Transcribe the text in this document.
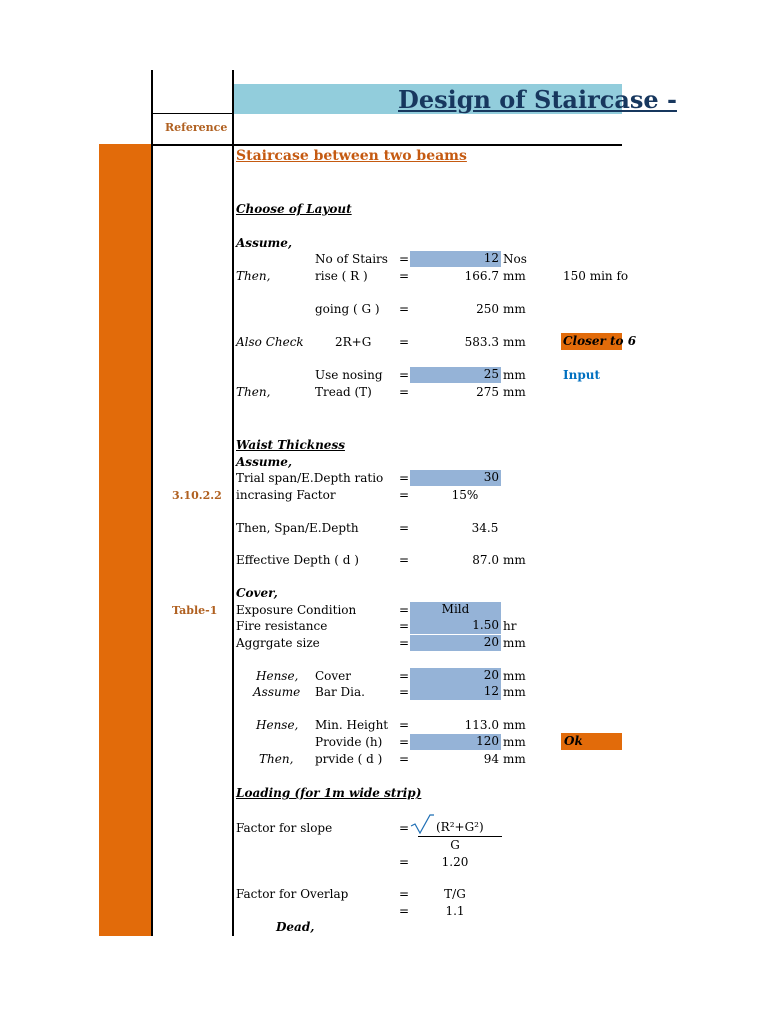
Design of Staircase -
Reference
Staircase between two beams
Choose of Layout
Assume,
No of Stairs =	12 Nos
Then,	rise ( R )	=	166.7 mm	150 min fo
going ( G ) =	250 mm
Also Check	2R+G =	583.3 mm	Closer to 6
Use nosing =	25 mm	Input
Then,	Tread (T) =	275 mm
Waist Thickness
Assume,
Trial span/E.Depth ratio =	30
3.10.2.2 incrasing Factor	=	15%
Then, Span/E.Depth	=	34.5
Effective Depth ( d )	=	87.0 mm
Cover,
Table-1 Exposure Condition	=	Mild
Fire resistance	=	1.50 hr
Aggrgate size	=	20 mm
Hense, Cover	=	20 mm
Assume Bar Dia.	=	12 mm
Hense, Min. Height =	113.0 mm
Provide (h) =	120 mm	Ok
Then, prvide ( d ) =	94 mm
Loading (for 1m wide strip)
Factor for slope	= (R²+G²)
G
=	1.20
Factor for Overlap	=	T/G
=	1.1
Dead,
